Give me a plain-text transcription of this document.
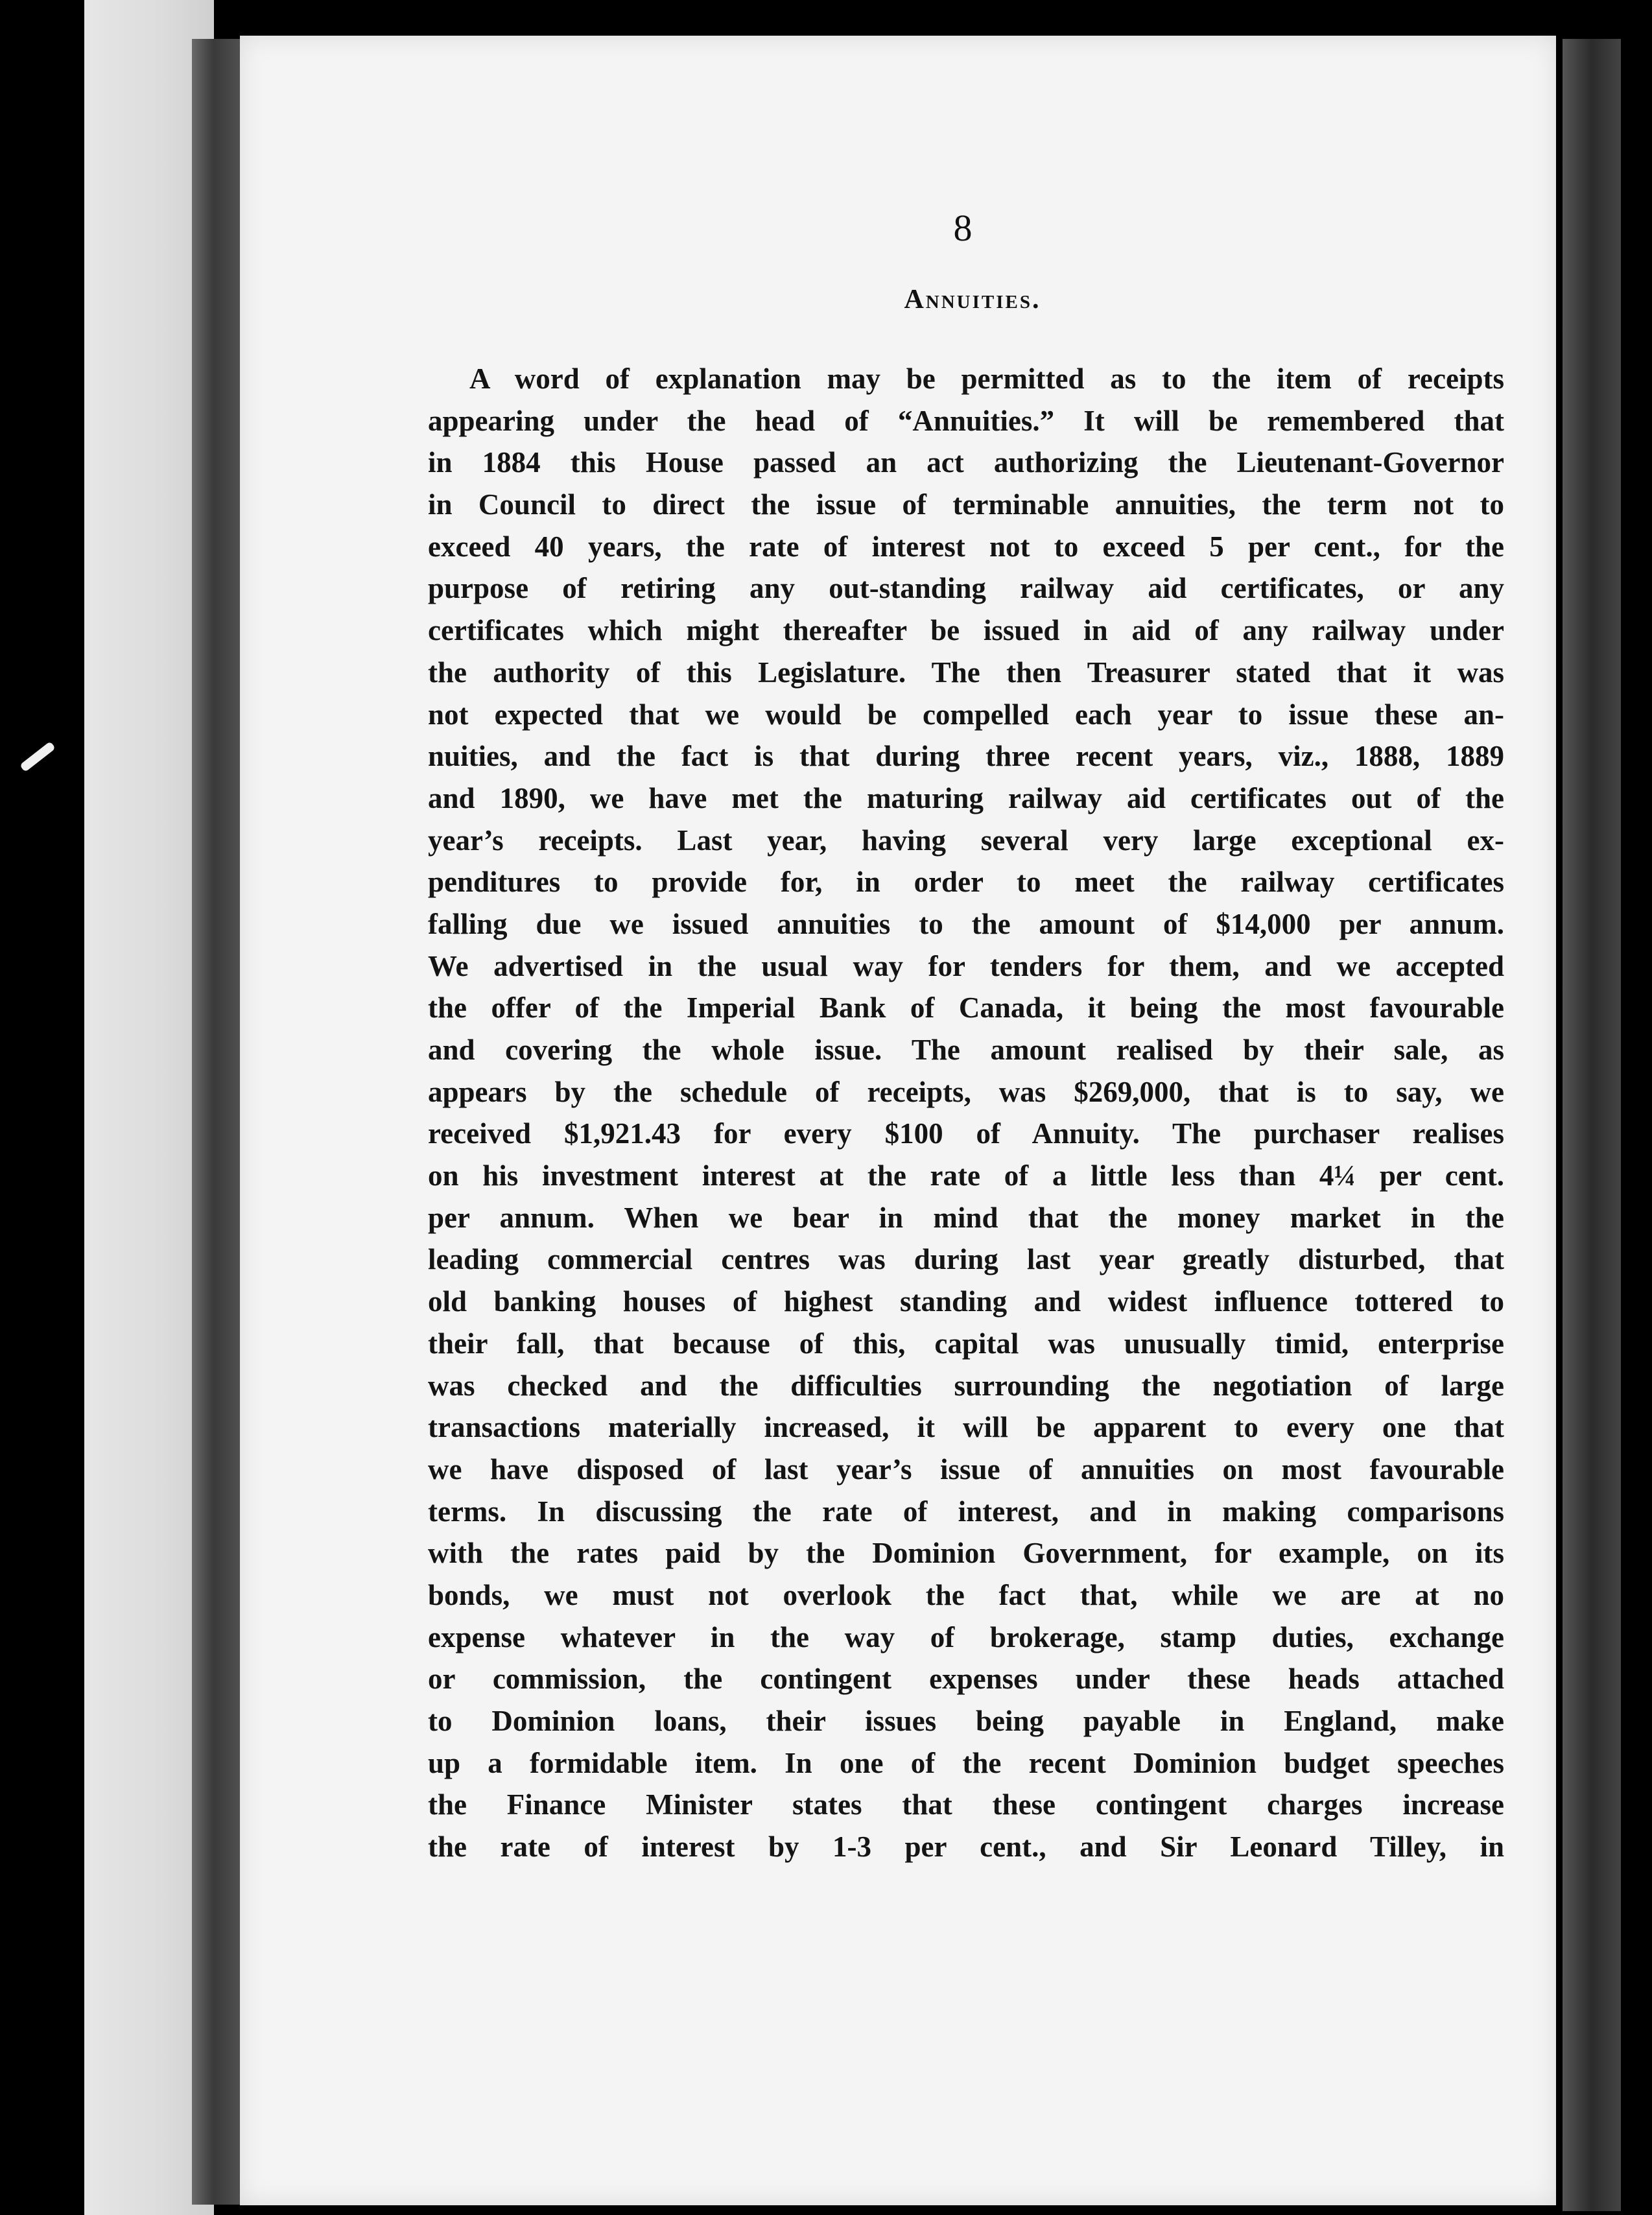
8

Annuities.
A word of explanation may be permitted as to the item of receipts
appearing under the head of “Annuities.” It will be remembered that
in 1884 this House passed an act authorizing the Lieutenant-Governor
in Council to direct the issue of terminable annuities, the term not to
exceed 40 years, the rate of interest not to exceed 5 per cent., for the
purpose of retiring any out-standing railway aid certificates, or any
certificates which might thereafter be issued in aid of any railway under
the authority of this Legislature. The then Treasurer stated that it was
not expected that we would be compelled each year to issue these an-
nuities, and the fact is that during three recent years, viz., 1888, 1889
and 1890, we have met the maturing railway aid certificates out of the
year’s receipts. Last year, having several very large exceptional ex-
penditures to provide for, in order to meet the railway certificates
falling due we issued annuities to the amount of $14,000 per annum.
We advertised in the usual way for tenders for them, and we accepted
the offer of the Imperial Bank of Canada, it being the most favourable
and covering the whole issue. The amount realised by their sale, as
appears by the schedule of receipts, was $269,000, that is to say, we
received $1,921.43 for every $100 of Annuity. The purchaser realises
on his investment interest at the rate of a little less than 4¼ per cent.
per annum. When we bear in mind that the money market in the
leading commercial centres was during last year greatly disturbed, that
old banking houses of highest standing and widest influence tottered to
their fall, that because of this, capital was unusually timid, enterprise
was checked and the difficulties surrounding the negotiation of large
transactions materially increased, it will be apparent to every one that
we have disposed of last year’s issue of annuities on most favourable
terms. In discussing the rate of interest, and in making comparisons
with the rates paid by the Dominion Government, for example, on its
bonds, we must not overlook the fact that, while we are at no
expense whatever in the way of brokerage, stamp duties, exchange
or commission, the contingent expenses under these heads attached
to Dominion loans, their issues being payable in England, make
up a formidable item. In one of the recent Dominion budget speeches
the Finance Minister states that these contingent charges increase
the rate of interest by 1-3 per cent., and Sir Leonard Tilley, in
